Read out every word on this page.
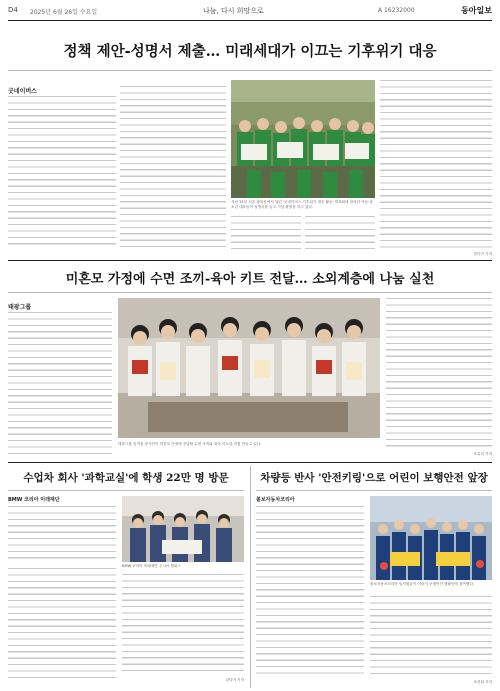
D4 2025년 6월 26일 수요일	나눔, 다시 희망으로	A 16232000	동아일보
정책 제안-성명서 제출… 미래세대가 이끄는 기후위기 대응
굿네이버스
지난 15일 서울 광화문에서 열린 '굿네이버스 기후위기 대응 활동' 발표회에 참석한 아동·청소년 대표들이 성명서를 들고 기념 촬영을 하고 있다.
강디아 기자
미혼모 가정에 수면 조끼-육아 키트 전달… 소외계층에 나눔 실천
태광그룹
태광그룹 임직원 봉사단이 미혼모 가정에 전달할 수면 조끼와 육아 키트를 직접 만들고 있다.
조유리 기자
수업차 회사 '과학교실'에 학생 22만 명 방문
BMW 코리아 미래재단
BMW 코리아 미래재단 주니어 캠퍼스
강디아 기자
차량등 반사 '안전키링'으로 어린이 보행안전 앞장
볼보자동차코리아
볼보자동차코리아 임직원들이 어린이 보행안전 캠페인에 참여했다.
조선희 기자
